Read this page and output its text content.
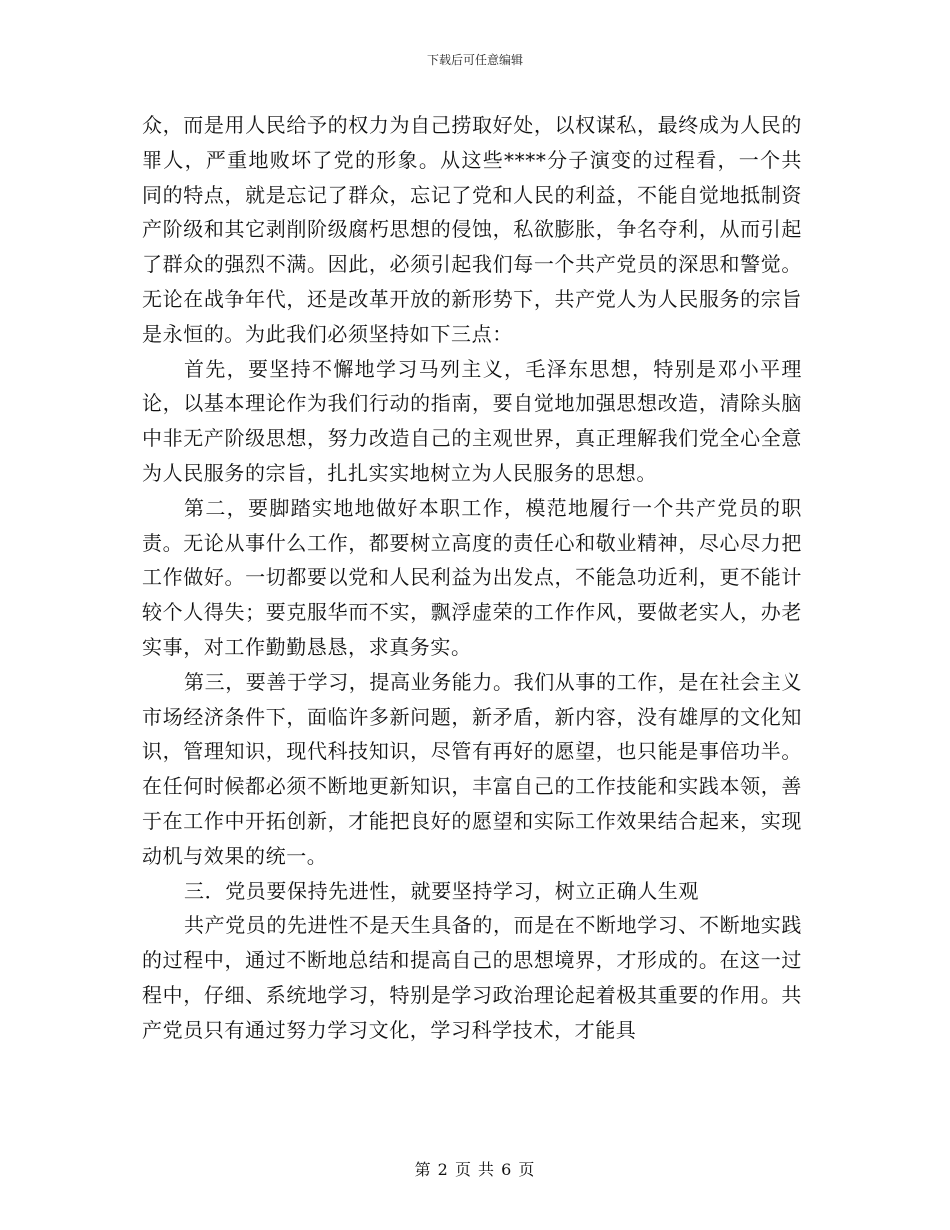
下载后可任意编辑

众，而是用人民给予的权力为自己捞取好处，以权谋私，最终成为人民的罪人，严重地败坏了党的形象。从这些****分子演变的过程看，一个共同的特点，就是忘记了群众，忘记了党和人民的利益，不能自觉地抵制资产阶级和其它剥削阶级腐朽思想的侵蚀，私欲膨胀，争名夺利，从而引起了群众的强烈不满。因此，必须引起我们每一个共产党员的深思和警觉。无论在战争年代，还是改革开放的新形势下，共产党人为人民服务的宗旨是永恒的。为此我们必须坚持如下三点：

首先，要坚持不懈地学习马列主义，毛泽东思想，特别是邓小平理论，以基本理论作为我们行动的指南，要自觉地加强思想改造，清除头脑中非无产阶级思想，努力改造自己的主观世界，真正理解我们党全心全意为人民服务的宗旨，扎扎实实地树立为人民服务的思想。

第二，要脚踏实地地做好本职工作，模范地履行一个共产党员的职责。无论从事什么工作，都要树立高度的责任心和敬业精神，尽心尽力把工作做好。一切都要以党和人民利益为出发点，不能急功近利，更不能计较个人得失；要克服华而不实，飘浮虚荣的工作作风，要做老实人，办老实事，对工作勤勤恳恳，求真务实。

第三，要善于学习，提高业务能力。我们从事的工作，是在社会主义市场经济条件下，面临许多新问题，新矛盾，新内容，没有雄厚的文化知识，管理知识，现代科技知识，尽管有再好的愿望，也只能是事倍功半。在任何时候都必须不断地更新知识，丰富自己的工作技能和实践本领，善于在工作中开拓创新，才能把良好的愿望和实际工作效果结合起来，实现动机与效果的统一。

三．党员要保持先进性，就要坚持学习，树立正确人生观

共产党员的先进性不是天生具备的，而是在不断地学习、不断地实践的过程中，通过不断地总结和提高自己的思想境界，才形成的。在这一过程中，仔细、系统地学习，特别是学习政治理论起着极其重要的作用。共产党员只有通过努力学习文化，学习科学技术，才能具

第 2 页 共 6 页
